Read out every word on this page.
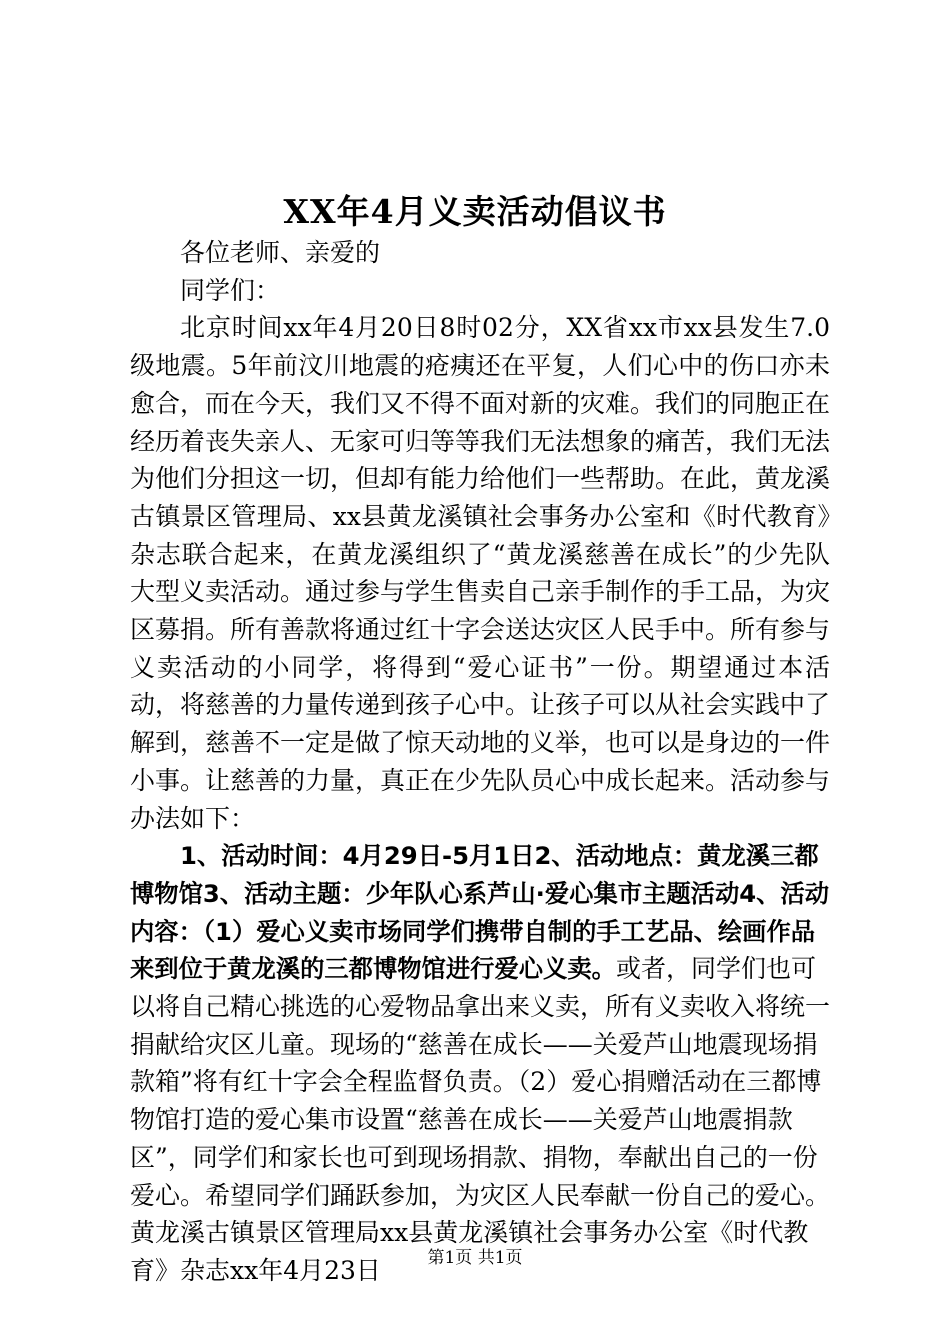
XX年4月义卖活动倡议书

各位老师、亲爱的

同学们：

北京时间xx年4月20日8时02分，XX省xx市xx县发生7.0级地震。5年前汶川地震的疮痍还在平复，人们心中的伤口亦未愈合，而在今天，我们又不得不面对新的灾难。我们的同胞正在经历着丧失亲人、无家可归等等我们无法想象的痛苦，我们无法为他们分担这一切，但却有能力给他们一些帮助。在此，黄龙溪古镇景区管理局、xx县黄龙溪镇社会事务办公室和《时代教育》杂志联合起来，在黄龙溪组织了“黄龙溪慈善在成长”的少先队大型义卖活动。通过参与学生售卖自己亲手制作的手工品，为灾区募捐。所有善款将通过红十字会送达灾区人民手中。所有参与义卖活动的小同学，将得到“爱心证书”一份。期望通过本活动，将慈善的力量传递到孩子心中。让孩子可以从社会实践中了解到，慈善不一定是做了惊天动地的义举，也可以是身边的一件小事。让慈善的力量，真正在少先队员心中成长起来。活动参与办法如下：

1、活动时间：4月29日-5月1日2、活动地点：黄龙溪三都博物馆3、活动主题：少年队心系芦山·爱心集市主题活动4、活动内容：（1）爱心义卖市场同学们携带自制的手工艺品、绘画作品来到位于黄龙溪的三都博物馆进行爱心义卖。或者，同学们也可以将自己精心挑选的心爱物品拿出来义卖，所有义卖收入将统一捐献给灾区儿童。现场的“慈善在成长——关爱芦山地震现场捐款箱”将有红十字会全程监督负责。（2）爱心捐赠活动在三都博物馆打造的爱心集市设置“慈善在成长——关爱芦山地震捐款区”，同学们和家长也可到现场捐款、捐物，奉献出自己的一份爱心。希望同学们踊跃参加，为灾区人民奉献一份自己的爱心。黄龙溪古镇景区管理局xx县黄龙溪镇社会事务办公室《时代教育》杂志xx年4月23日	第1页 共1页
